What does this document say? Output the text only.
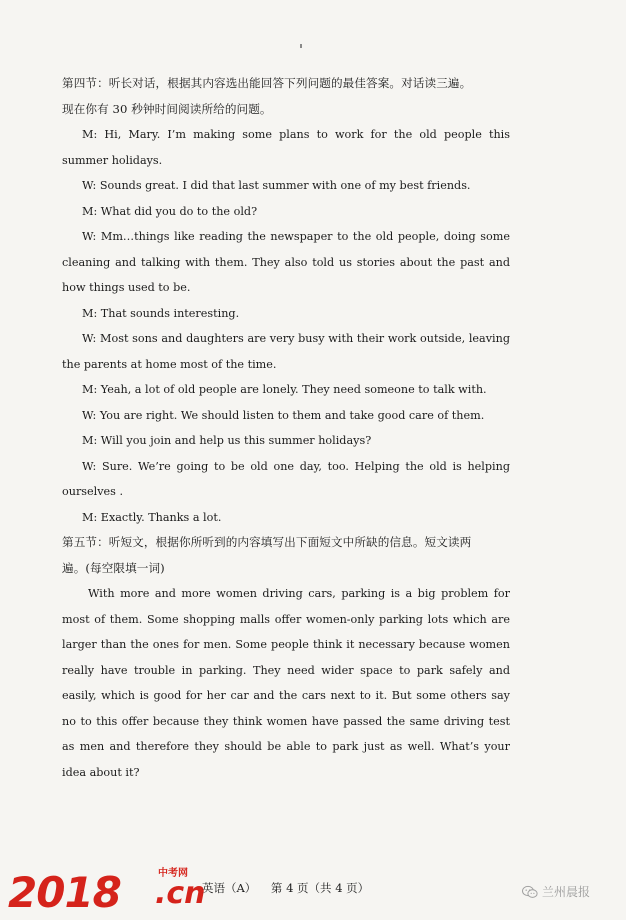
第四节：听长对话，根据其内容选出能回答下列问题的最佳答案。对话读三遍。

现在你有 30 秒钟时间阅读所给的问题。

M: Hi, Mary. I’m making some plans to work for the old people this summer holidays.

W: Sounds great. I did that last summer with one of my best friends.

M: What did you do to the old?

W: Mm…things like reading the newspaper to the old people, doing some cleaning and talking with them. They also told us stories about the past and how things used to be.

M: That sounds interesting.

W: Most sons and daughters are very busy with their work outside, leaving the parents at home most of the time.

M: Yeah, a lot of old people are lonely. They need someone to talk with.

W: You are right. We should listen to them and take good care of them.

M: Will you join and help us this summer holidays?

W: Sure. We’re going to be old one day, too. Helping the old is helping ourselves .

M: Exactly. Thanks a lot.

第五节：听短文，根据你所听到的内容填写出下面短文中所缺的信息。短文读两

遍。(每空限填一词)

With more and more women driving cars, parking is a big problem for most of them. Some shopping malls offer women-only parking lots which are larger than the ones for men. Some people think it necessary because women really have trouble in parking. They need wider space to park safely and easily, which is good for her car and the cars next to it. But some others say no to this offer because they think women have passed the same driving test as men and therefore they should be able to park just as well. What’s your idea about it?

2018	中考网
.cn
英语（A）    第 4 页（共 4 页）	兰州晨报
